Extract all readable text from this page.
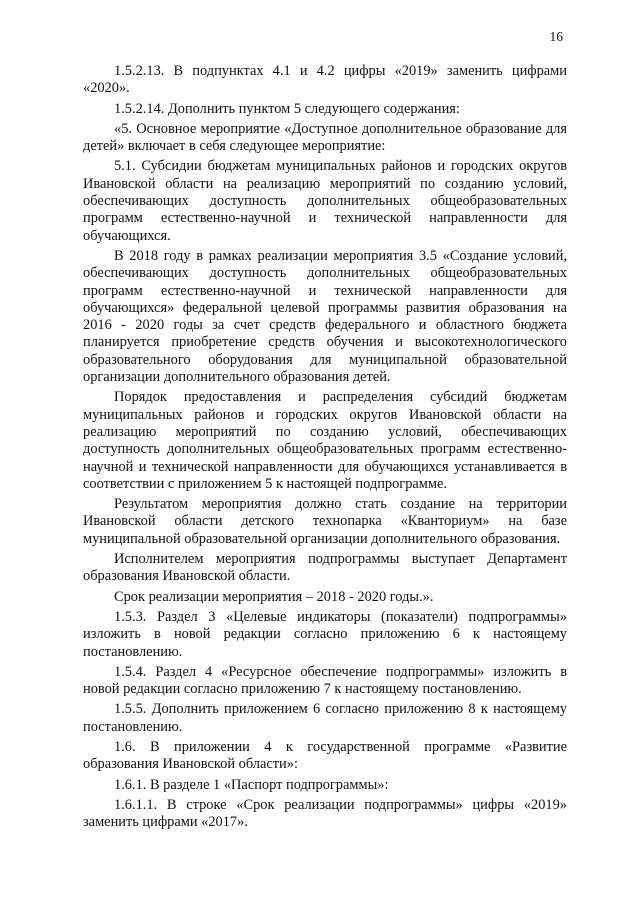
16

1.5.2.13. В подпунктах 4.1 и 4.2 цифры «2019» заменить цифрами «2020».

1.5.2.14. Дополнить пунктом 5 следующего содержания:

«5. Основное мероприятие «Доступное дополнительное образование для детей» включает в себя следующее мероприятие:

5.1. Субсидии бюджетам муниципальных районов и городских округов Ивановской области на реализацию мероприятий по созданию условий, обеспечивающих доступность дополнительных общеобразовательных программ естественно-научной и технической направленности для обучающихся.

В 2018 году в рамках реализации мероприятия 3.5 «Создание условий, обеспечивающих доступность дополнительных общеобразовательных программ естественно-научной и технической направленности для обучающихся» федеральной целевой программы развития образования на 2016 - 2020 годы за счет средств федерального и областного бюджета планируется приобретение средств обучения и высокотехнологического образовательного оборудования для муниципальной образовательной организации дополнительного образования детей.

Порядок предоставления и распределения субсидий бюджетам муниципальных районов и городских округов Ивановской области на реализацию мероприятий по созданию условий, обеспечивающих доступность дополнительных общеобразовательных программ естественно-научной и технической направленности для обучающихся устанавливается в соответствии с приложением 5 к настоящей подпрограмме.

Результатом мероприятия должно стать создание на территории Ивановской области детского технопарка «Кванториум» на базе муниципальной образовательной организации дополнительного образования.

Исполнителем мероприятия подпрограммы выступает Департамент образования Ивановской области.

Срок реализации мероприятия – 2018 - 2020 годы.».

1.5.3. Раздел 3 «Целевые индикаторы (показатели) подпрограммы» изложить в новой редакции согласно приложению 6 к настоящему постановлению.

1.5.4. Раздел 4 «Ресурсное обеспечение подпрограммы» изложить в новой редакции согласно приложению 7 к настоящему постановлению.

1.5.5. Дополнить приложением 6 согласно приложению 8 к настоящему постановлению.

1.6. В приложении 4 к государственной программе «Развитие образования Ивановской области»:

1.6.1. В разделе 1 «Паспорт подпрограммы»:

1.6.1.1. В строке «Срок реализации подпрограммы» цифры «2019» заменить цифрами «2017».
